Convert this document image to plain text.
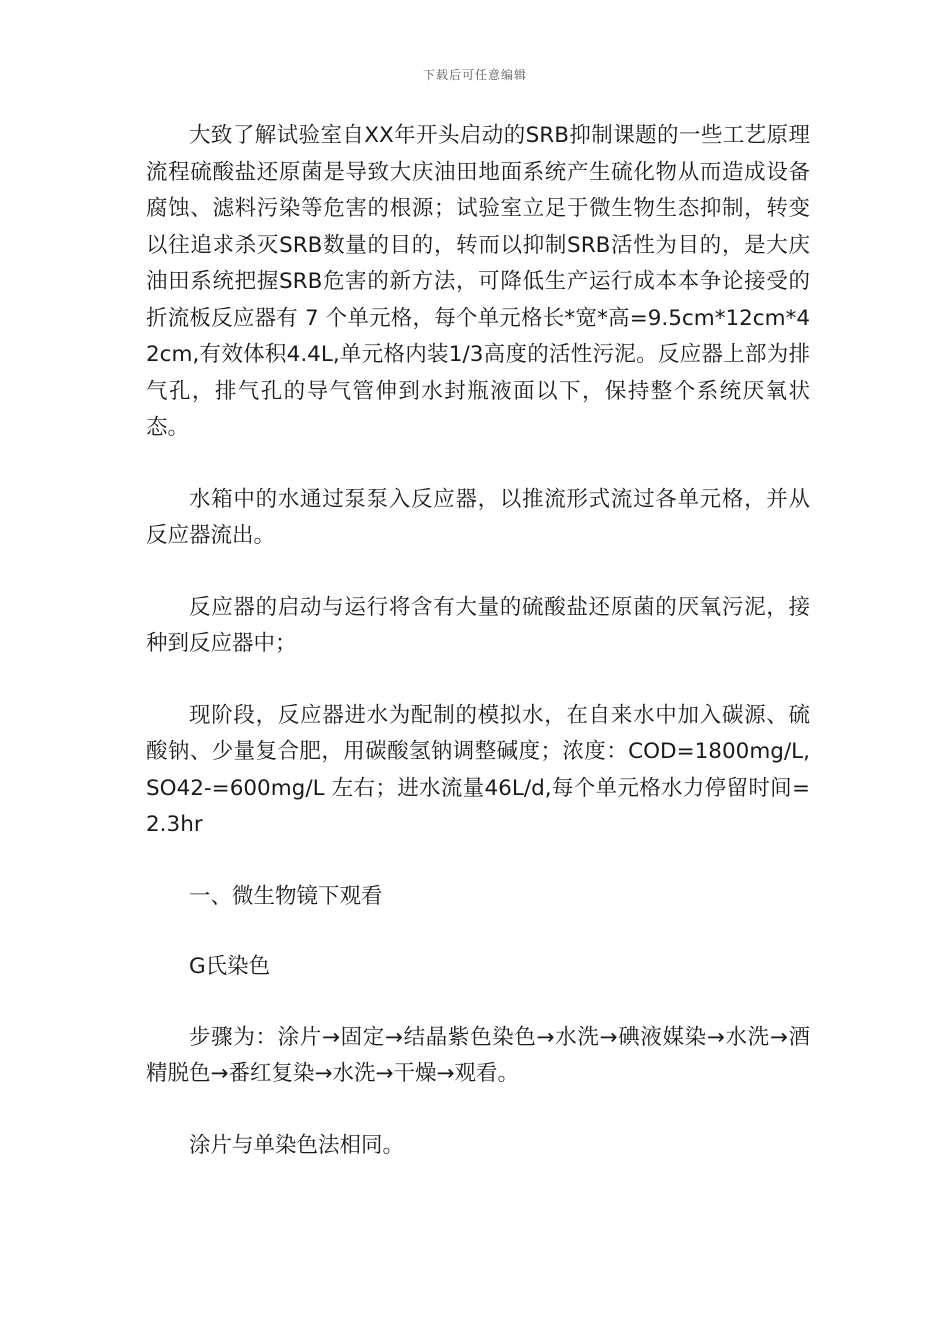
下载后可任意编辑

大致了解试验室自XX年开头启动的SRB抑制课题的一些工艺原理流程硫酸盐还原菌是导致大庆油田地面系统产生硫化物从而造成设备腐蚀、滤料污染等危害的根源；试验室立足于微生物生态抑制，转变以往追求杀灭SRB数量的目的，转而以抑制SRB活性为目的，是大庆油田系统把握SRB危害的新方法，可降低生产运行成本本争论接受的折流板反应器有 7 个单元格，每个单元格长*宽*高=9.5cm*12cm*42cm,有效体积4.4L,单元格内装1/3高度的活性污泥。反应器上部为排气孔，排气孔的导气管伸到水封瓶液面以下，保持整个系统厌氧状态。

水箱中的水通过泵泵入反应器，以推流形式流过各单元格，并从反应器流出。

反应器的启动与运行将含有大量的硫酸盐还原菌的厌氧污泥，接种到反应器中；

现阶段，反应器进水为配制的模拟水，在自来水中加入碳源、硫酸钠、少量复合肥，用碳酸氢钠调整碱度；浓度：COD=1800mg/L,SO42-=600mg/L 左右；进水流量46L/d,每个单元格水力停留时间=2.3hr

一、微生物镜下观看

G氏染色

步骤为：涂片→固定→结晶紫色染色→水洗→碘液媒染→水洗→酒精脱色→番红复染→水洗→干燥→观看。

涂片与单染色法相同。
